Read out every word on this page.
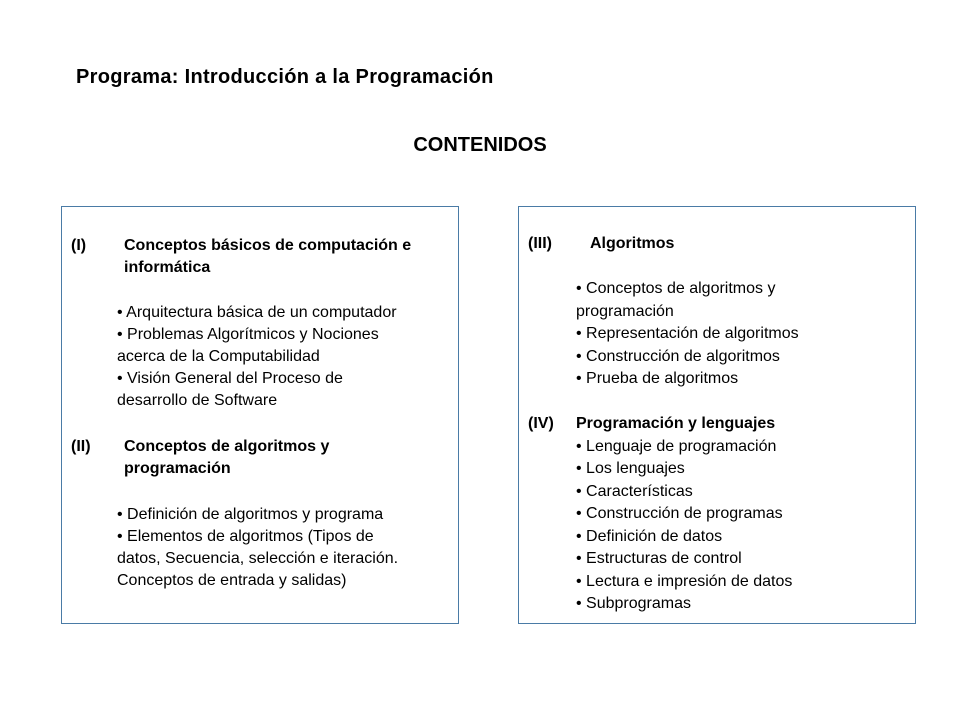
Programa: Introducción a la Programación
CONTENIDOS
(I) Conceptos básicos de computación e
informática
• Arquitectura básica de un computador
• Problemas Algorítmicos y Nociones
acerca de la Computabilidad
• Visión General del Proceso de
desarrollo de Software
(II) Conceptos de algoritmos y
programación
• Definición de algoritmos y programa
• Elementos de algoritmos (Tipos de
datos, Secuencia, selección e iteración.
Conceptos de entrada y salidas)
(III) Algoritmos
• Conceptos de algoritmos y
programación
• Representación de algoritmos
• Construcción de algoritmos
• Prueba de algoritmos
(IV) Programación y lenguajes
• Lenguaje de programación
• Los lenguajes
• Características
• Construcción de programas
• Definición de datos
• Estructuras de control
• Lectura e impresión de datos
• Subprogramas
